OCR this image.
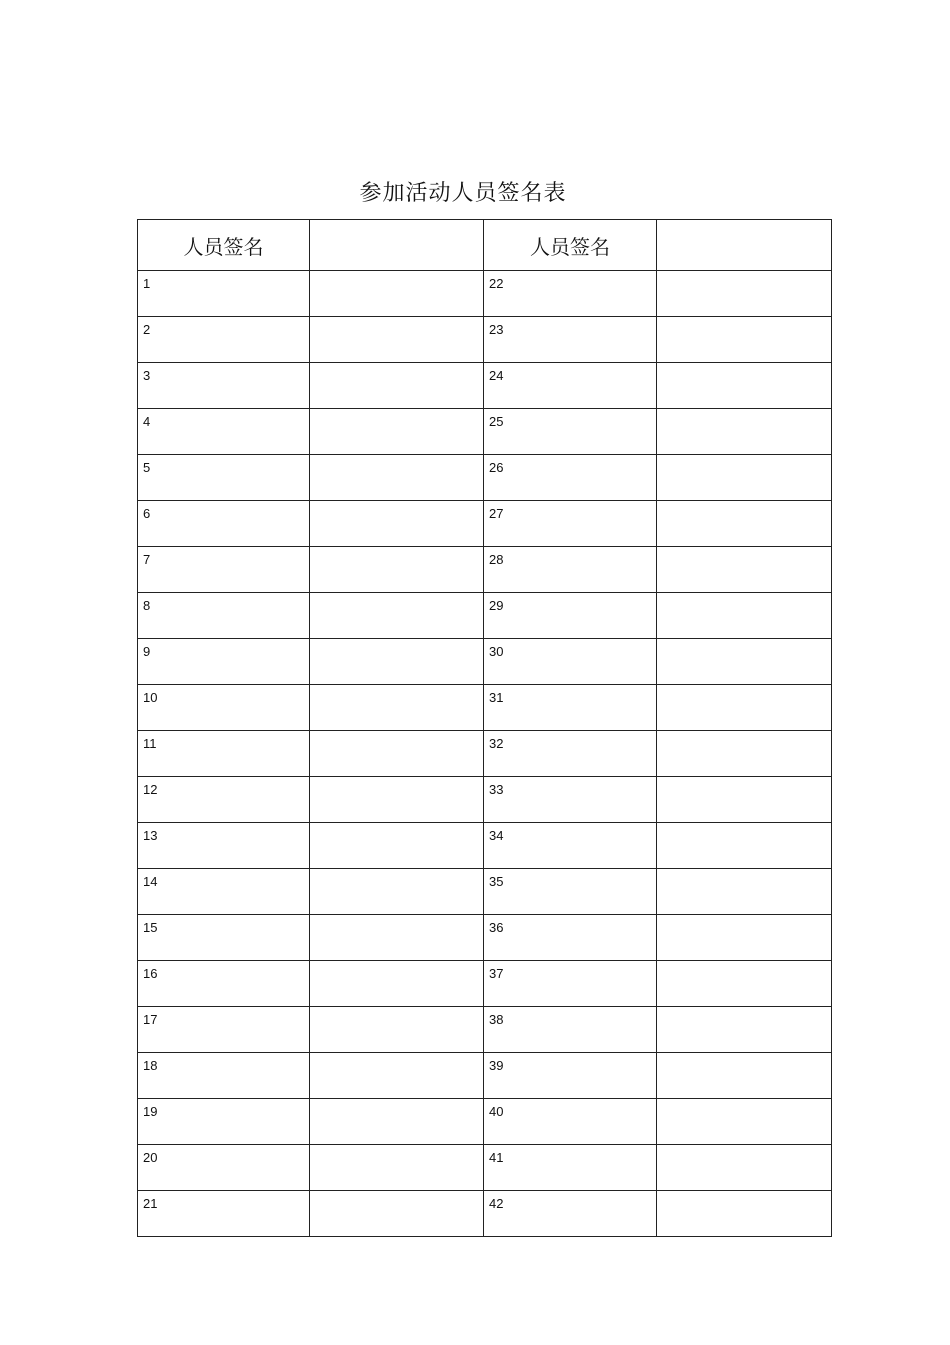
参加活动人员签名表
人员签名		人员签名	

1		22	

2		23	

3		24	

4		25	

5		26	

6		27	

7		28	

8		29	

9		30	

10		31	

11		32	

12		33	

13		34	

14		35	

15		36	

16		37	

17		38	

18		39	

19		40	

20		41	

21		42	
